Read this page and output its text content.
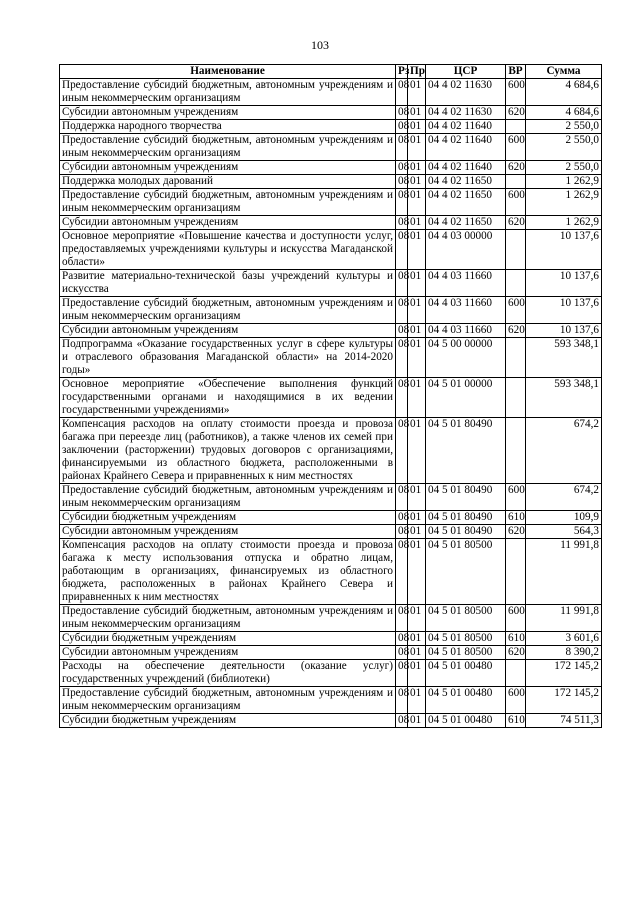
103
Наименование	Рз	Пр	ЦСР	ВР	Сумма
Предоставление субсидий бюджетным, автономным учреждениям и иным некоммерческим организациям	08	01	04 4 02 11630	600	4 684,6
Субсидии автономным учреждениям	08	01	04 4 02 11630	620	4 684,6
Поддержка народного творчества	08	01	04 4 02 11640		2 550,0
Предоставление субсидий бюджетным, автономным учреждениям и иным некоммерческим организациям	08	01	04 4 02 11640	600	2 550,0
Субсидии автономным учреждениям	08	01	04 4 02 11640	620	2 550,0
Поддержка молодых дарований	08	01	04 4 02 11650		1 262,9
Предоставление субсидий бюджетным, автономным учреждениям и иным некоммерческим организациям	08	01	04 4 02 11650	600	1 262,9
Субсидии автономным учреждениям	08	01	04 4 02 11650	620	1 262,9
Основное мероприятие «Повышение качества и доступности услуг, предоставляемых учреждениями культуры и искусства Магаданской области»	08	01	04 4 03 00000		10 137,6
Развитие материально-технической базы учреждений культуры и искусства	08	01	04 4 03 11660		10 137,6
Предоставление субсидий бюджетным, автономным учреждениям и иным некоммерческим организациям	08	01	04 4 03 11660	600	10 137,6
Субсидии автономным учреждениям	08	01	04 4 03 11660	620	10 137,6
Подпрограмма «Оказание государственных услуг в сфере культуры и отраслевого образования Магаданской области» на 2014-2020 годы»	08	01	04 5 00 00000		593 348,1
Основное мероприятие «Обеспечение выполнения функций государственными органами и находящимися в их ведении государственными учреждениями»	08	01	04 5 01 00000		593 348,1
Компенсация расходов на оплату стоимости проезда и провоза багажа при переезде лиц (работников), а также членов их семей при заключении (расторжении) трудовых договоров с организациями, финансируемыми из областного бюджета, расположенными в районах Крайнего Севера и приравненных к ним местностях	08	01	04 5 01 80490		674,2
Предоставление субсидий бюджетным, автономным учреждениям и иным некоммерческим организациям	08	01	04 5 01 80490	600	674,2
Субсидии бюджетным учреждениям	08	01	04 5 01 80490	610	109,9
Субсидии автономным учреждениям	08	01	04 5 01 80490	620	564,3
Компенсация расходов на оплату стоимости проезда и провоза багажа к месту использования отпуска и обратно лицам, работающим в организациях, финансируемых из областного бюджета, расположенных в районах Крайнего Севера и приравненных к ним местностях	08	01	04 5 01 80500		11 991,8
Предоставление субсидий бюджетным, автономным учреждениям и иным некоммерческим организациям	08	01	04 5 01 80500	600	11 991,8
Субсидии бюджетным учреждениям	08	01	04 5 01 80500	610	3 601,6
Субсидии автономным учреждениям	08	01	04 5 01 80500	620	8 390,2
Расходы на обеспечение деятельности (оказание услуг) государственных учреждений (библиотеки)	08	01	04 5 01 00480		172 145,2
Предоставление субсидий бюджетным, автономным учреждениям и иным некоммерческим организациям	08	01	04 5 01 00480	600	172 145,2
Субсидии бюджетным учреждениям	08	01	04 5 01 00480	610	74 511,3
